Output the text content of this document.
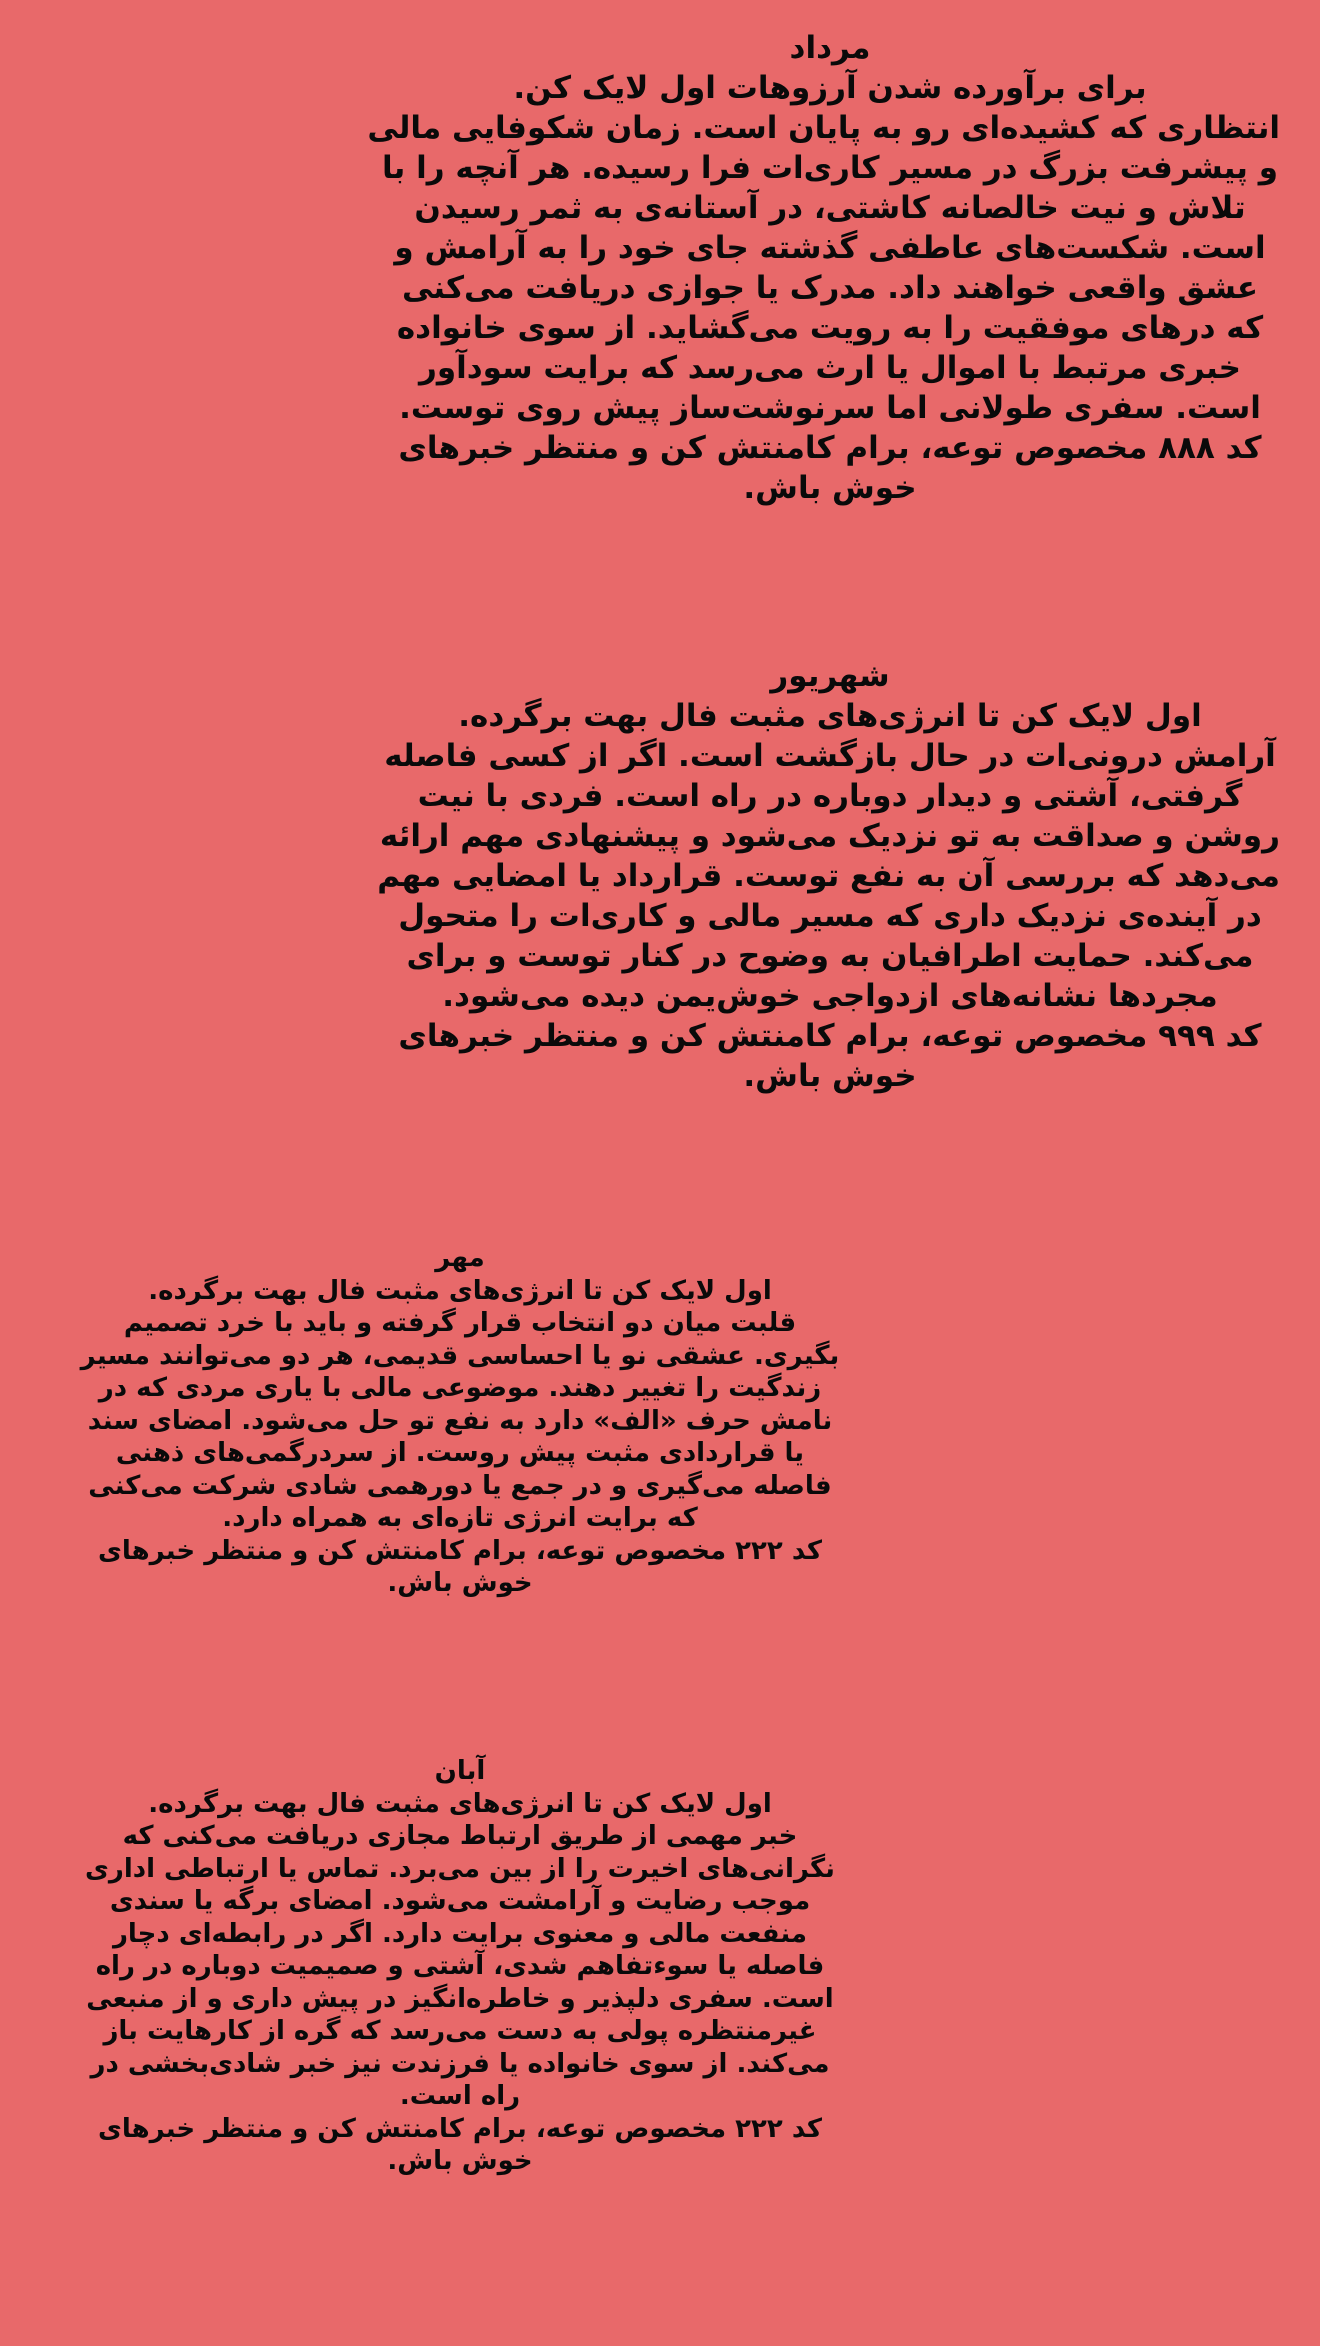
مرداد
برای برآورده شدن آرزوهات اول لایک کن.
انتظاری که کشیده‌ای رو به پایان است. زمان شکوفایی مالی
و پیشرفت بزرگ در مسیر کاری‌ات فرا رسیده. هر آنچه را با
تلاش و نیت خالصانه کاشتی، در آستانه‌ی به ثمر رسیدن
است. شکست‌های عاطفی گذشته جای خود را به آرامش و
عشق واقعی خواهند داد. مدرک یا جوازی دریافت می‌کنی
که درهای موفقیت را به رویت می‌گشاید. از سوی خانواده
خبری مرتبط با اموال یا ارث می‌رسد که برایت سودآور
است. سفری طولانی اما سرنوشت‌ساز پیش روی توست.
کد ۸۸۸ مخصوص توعه، برام کامنتش کن و منتظر خبرهای
خوش باش.
شهریور
اول لایک کن تا انرژی‌های مثبت فال بهت برگرده.
آرامش درونی‌ات در حال بازگشت است. اگر از کسی فاصله
گرفتی، آشتی و دیدار دوباره در راه است. فردی با نیت
روشن و صداقت به تو نزدیک می‌شود و پیشنهادی مهم ارائه
می‌دهد که بررسی آن به نفع توست. قرارداد یا امضایی مهم
در آینده‌ی نزدیک داری که مسیر مالی و کاری‌ات را متحول
می‌کند. حمایت اطرافیان به وضوح در کنار توست و برای
مجردها نشانه‌های ازدواجی خوش‌یمن دیده می‌شود.
کد ۹۹۹ مخصوص توعه، برام کامنتش کن و منتظر خبرهای
خوش باش.
مهر
اول لایک کن تا انرژی‌های مثبت فال بهت برگرده.
قلبت میان دو انتخاب قرار گرفته و باید با خرد تصمیم
بگیری. عشقی نو یا احساسی قدیمی، هر دو می‌توانند مسیر
زندگیت را تغییر دهند. موضوعی مالی با یاری مردی که در
نامش حرف «الف» دارد به نفع تو حل می‌شود. امضای سند
یا قراردادی مثبت پیش روست. از سردرگمی‌های ذهنی
فاصله می‌گیری و در جمع یا دورهمی شادی شرکت می‌کنی
که برایت انرژی تازه‌ای به همراه دارد.
کد ۲۲۲ مخصوص توعه، برام کامنتش کن و منتظر خبرهای
خوش باش.
آبان
اول لایک کن تا انرژی‌های مثبت فال بهت برگرده.
خبر مهمی از طریق ارتباط مجازی دریافت می‌کنی که
نگرانی‌های اخیرت را از بین می‌برد. تماس یا ارتباطی اداری
موجب رضایت و آرامشت می‌شود. امضای برگه یا سندی
منفعت مالی و معنوی برایت دارد. اگر در رابطه‌ای دچار
فاصله یا سوءتفاهم شدی، آشتی و صمیمیت دوباره در راه
است. سفری دلپذیر و خاطره‌انگیز در پیش داری و از منبعی
غیرمنتظره پولی به دست می‌رسد که گره از کارهایت باز
می‌کند. از سوی خانواده یا فرزندت نیز خبر شادی‌بخشی در
راه است.
کد ۲۲۲ مخصوص توعه، برام کامنتش کن و منتظر خبرهای
خوش باش.
